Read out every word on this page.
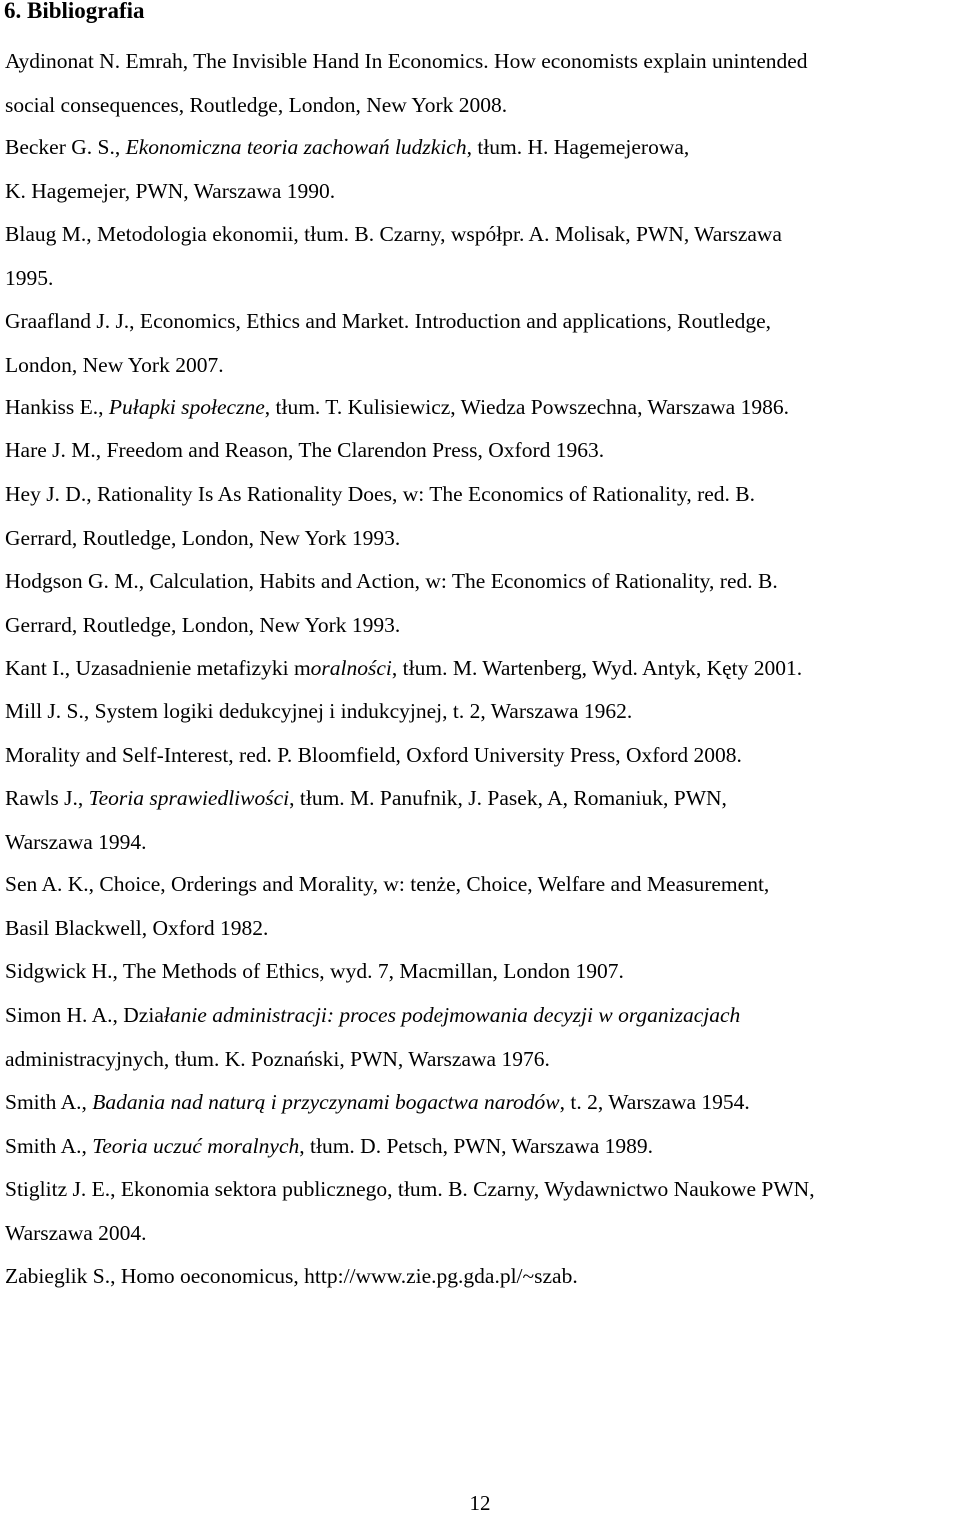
6. Bibliografia
Aydinonat N. Emrah, The Invisible Hand In Economics. How economists explain unintended
social consequences, Routledge, London, New York 2008.
Becker G. S., Ekonomiczna teoria zachowań ludzkich, tłum. H. Hagemejerowa,
K. Hagemejer, PWN, Warszawa 1990.
Blaug M., Metodologia ekonomii, tłum. B. Czarny, współpr. A. Molisak, PWN, Warszawa
1995.
Graafland J. J., Economics, Ethics and Market. Introduction and applications, Routledge,
London, New York 2007.
Hankiss E., Pułapki społeczne, tłum. T. Kulisiewicz, Wiedza Powszechna, Warszawa 1986.
Hare J. M., Freedom and Reason, The Clarendon Press, Oxford 1963.
Hey J. D., Rationality Is As Rationality Does, w: The Economics of Rationality, red. B.
Gerrard, Routledge, London, New York 1993.
Hodgson G. M., Calculation, Habits and Action, w: The Economics of Rationality, red. B.
Gerrard, Routledge, London, New York 1993.
Kant I., Uzasadnienie metafizyki moralności, tłum. M. Wartenberg, Wyd. Antyk, Kęty 2001.
Mill J. S., System logiki dedukcyjnej i indukcyjnej, t. 2, Warszawa 1962.
Morality and Self-Interest, red. P. Bloomfield, Oxford University Press, Oxford 2008.
Rawls J., Teoria sprawiedliwości, tłum. M. Panufnik, J. Pasek, A, Romaniuk, PWN,
Warszawa 1994.
Sen A. K., Choice, Orderings and Morality, w: tenże, Choice, Welfare and Measurement,
Basil Blackwell, Oxford 1982.
Sidgwick H., The Methods of Ethics, wyd. 7, Macmillan, London 1907.
Simon H. A., Działanie administracji: proces podejmowania decyzji w organizacjach
administracyjnych, tłum. K. Poznański, PWN, Warszawa 1976.
Smith A., Badania nad naturą i przyczynami bogactwa narodów, t. 2, Warszawa 1954.
Smith A., Teoria uczuć moralnych, tłum. D. Petsch, PWN, Warszawa 1989.
Stiglitz J. E., Ekonomia sektora publicznego, tłum. B. Czarny, Wydawnictwo Naukowe PWN,
Warszawa 2004.
Zabieglik S., Homo oeconomicus, http://www.zie.pg.gda.pl/~szab.
12
